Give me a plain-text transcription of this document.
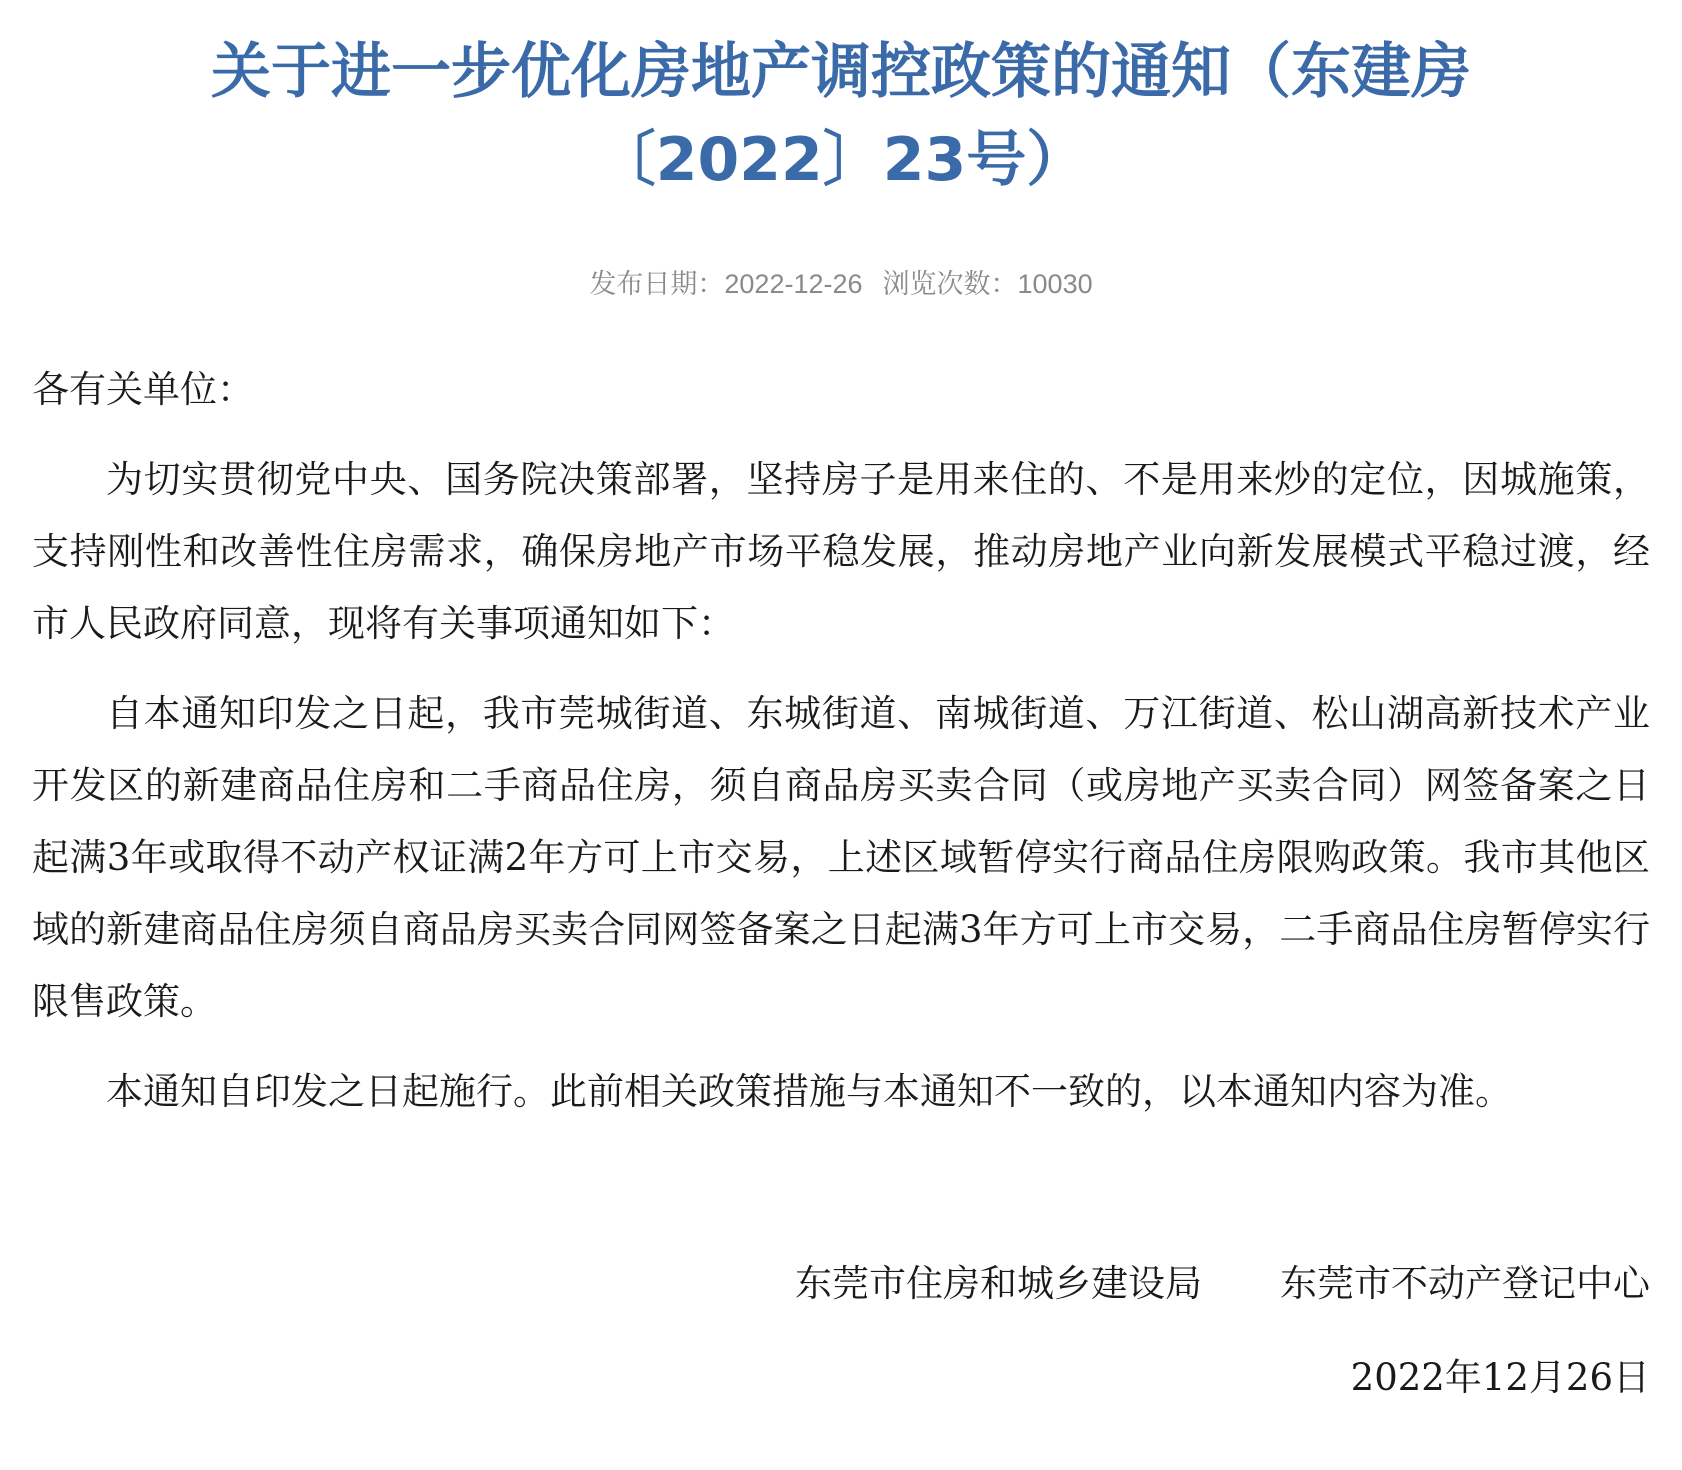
关于进一步优化房地产调控政策的通知（东建房
〔2022〕23号）
发布日期：2022-12-26 浏览次数：10030
各有关单位：

为切实贯彻党中央、国务院决策部署，坚持房子是用来住的、不是用来炒的定位，因城施策，支持刚性和改善性住房需求，确保房地产市场平稳发展，推动房地产业向新发展模式平稳过渡，经市人民政府同意，现将有关事项通知如下：

自本通知印发之日起，我市莞城街道、东城街道、南城街道、万江街道、松山湖高新技术产业开发区的新建商品住房和二手商品住房，须自商品房买卖合同（或房地产买卖合同）网签备案之日起满3年或取得不动产权证满2年方可上市交易，上述区域暂停实行商品住房限购政策。我市其他区域的新建商品住房须自商品房买卖合同网签备案之日起满3年方可上市交易，二手商品住房暂停实行限售政策。

本通知自印发之日起施行。此前相关政策措施与本通知不一致的，以本通知内容为准。

东莞市住房和城乡建设局 东莞市不动产登记中心
2022年12月26日
